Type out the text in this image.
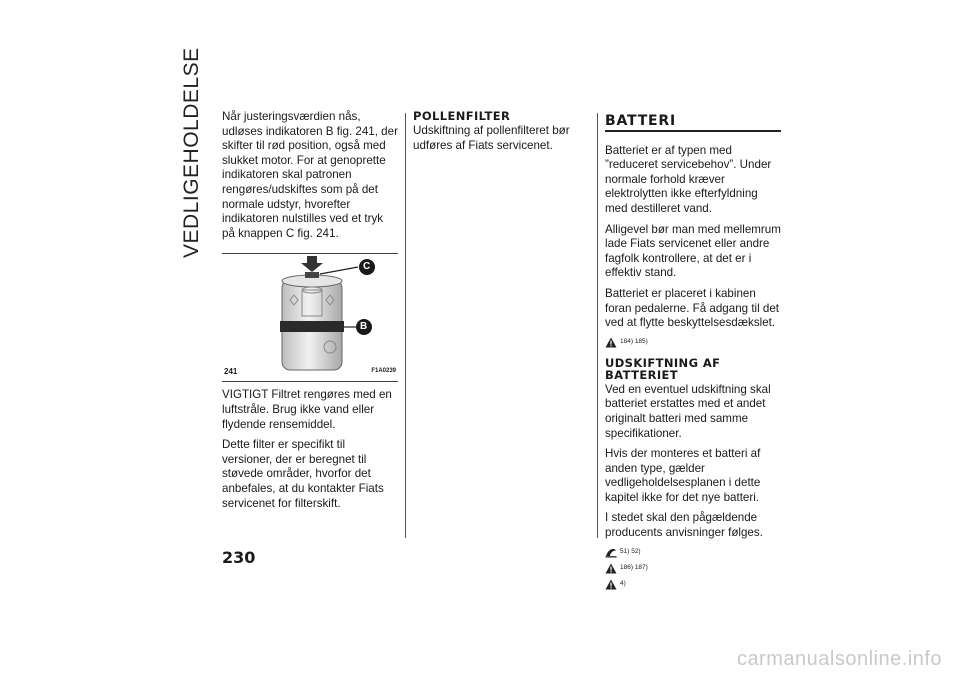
VEDLIGEHOLDELSE Når justeringsværdien nås, udløses indikatoren B fig. 241, der skifter til rød position, også med slukket motor. For at genoprette indikatoren skal patronen rengøres/udskiftes som på det normale udstyr, hvorefter indikatoren nulstilles ved et tryk på knappen C fig. 241.

C
B
241	F1A0239

VIGTIGT Filtret rengøres med en luftstråle. Brug ikke vand eller flydende rensemiddel.

Dette filter er specifikt til versioner, der er beregnet til støvede områder, hvorfor det anbefales, at du kontakter Fiats servicenet for filterskift.

POLLENFILTER

Udskiftning af pollenfilteret bør udføres af Fiats servicenet.

BATTERI

Batteriet er af typen med ”reduceret servicebehov”. Under normale forhold kræver elektrolytten ikke efterfyldning med destilleret vand.

Alligevel bør man med mellemrum lade Fiats servicenet eller andre fagfolk kontrollere, at det er i effektiv stand.

Batteriet er placeret i kabinen foran pedalerne. Få adgang til det ved at flytte beskyttelsesdækslet.

184) 185)
UDSKIFTNING AF BATTERIET

Ved en eventuel udskiftning skal batteriet erstattes med et andet originalt batteri med samme specifikationer.

Hvis der monteres et batteri af anden type, gælder vedligeholdelsesplanen i dette kapitel ikke for det nye batteri.

I stedet skal den pågældende producents anvisninger følges.

51) 52)
186) 187)
4)
230
carmanualsonline.info
